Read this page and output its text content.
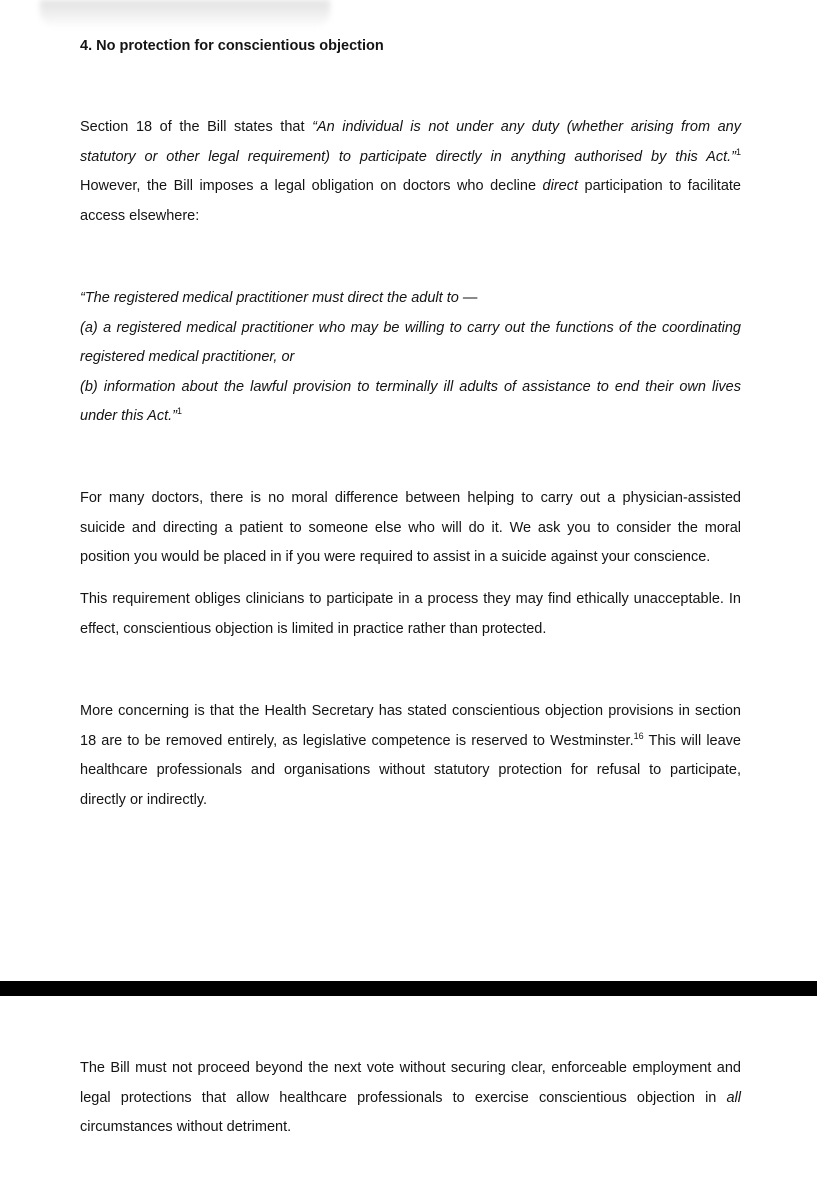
4. No protection for conscientious objection
Section 18 of the Bill states that “An individual is not under any duty (whether arising from any
statutory or other legal requirement) to participate directly in anything authorised by this Act.”$^1$
However, the Bill imposes a legal obligation on doctors who decline direct participation to facilitate
access elsewhere:
“The registered medical practitioner must direct the adult to —
(a) a registered medical practitioner who may be willing to carry out the functions of the coordinating
registered medical practitioner, or
(b) information about the lawful provision to terminally ill adults of assistance to end their own lives
under this Act.”$^1$
For many doctors, there is no moral difference between helping to carry out a physician-assisted
suicide and directing a patient to someone else who will do it. We ask you to consider the moral
position you would be placed in if you were required to assist in a suicide against your conscience.
This requirement obliges clinicians to participate in a process they may find ethically unacceptable. In
effect, conscientious objection is limited in practice rather than protected.
More concerning is that the Health Secretary has stated conscientious objection provisions in section
18 are to be removed entirely, as legislative competence is reserved to Westminster.$^{16}$ This will leave
healthcare professionals and organisations without statutory protection for refusal to participate,
directly or indirectly.
The Bill must not proceed beyond the next vote without securing clear, enforceable employment and
legal protections that allow healthcare professionals to exercise conscientious objection in all
circumstances without detriment.
